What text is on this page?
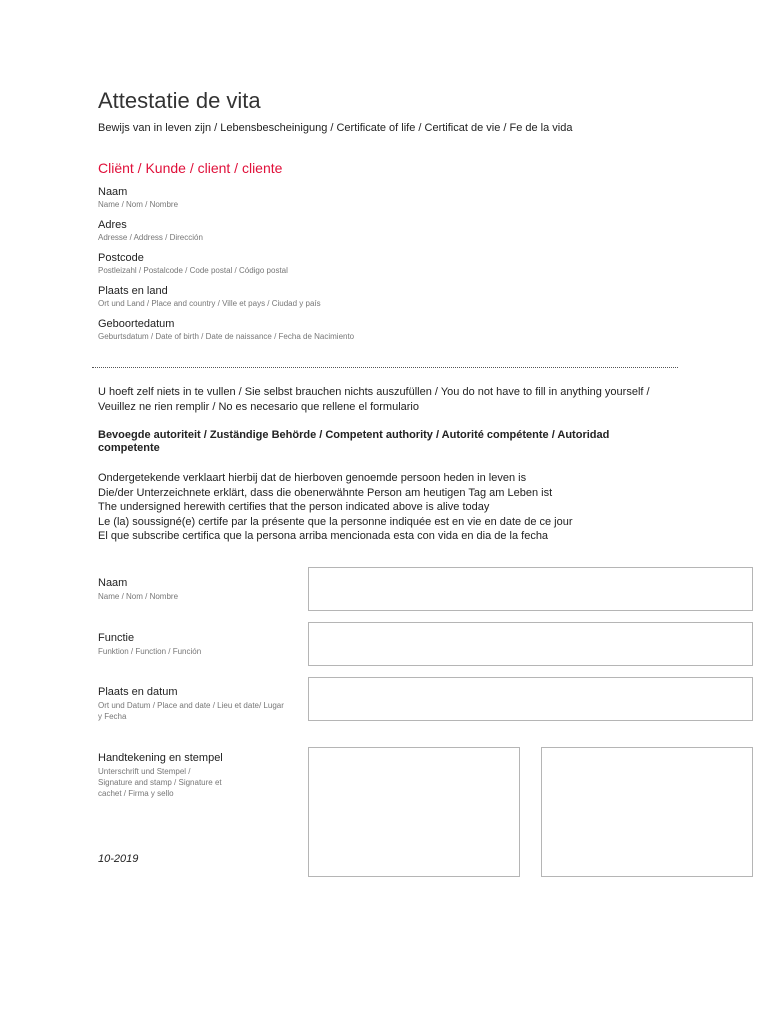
Attestatie de vita
Bewijs van in leven zijn / Lebensbescheinigung / Certificate of life / Certificat de vie / Fe de la vida
Cliënt / Kunde / client / cliente
Naam
Name / Nom / Nombre
Adres
Adresse / Address / Dirección
Postcode
Postleizahl / Postalcode / Code postal / Código postal
Plaats en land
Ort und Land / Place and country / Ville et pays / Ciudad y país
Geboortedatum
Geburtsdatum / Date of birth / Date de naissance / Fecha de Nacimiento
U hoeft zelf niets in te vullen / Sie selbst brauchen nichts auszufüllen / You do not have to fill in anything yourself / Veuillez ne rien remplir / No es necesario que rellene el formulario
Bevoegde autoriteit / Zuständige Behörde / Competent authority / Autorité compétente / Autoridad competente
Ondergetekende verklaart hierbij dat de hierboven genoemde persoon heden in leven is
Die/der Unterzeichnete erklärt, dass die obenerwähnte Person am heutigen Tag am Leben ist
The undersigned herewith certifies that the person indicated above is alive today
Le (la) soussigné(e) certife par la présente que la personne indiquée est en vie en date de ce jour
El que subscribe certifica que la persona arriba mencionada esta con vida en dia de la fecha
Naam
Name / Nom / Nombre
Functie
Funktion / Function / Función
Plaats en datum
Ort und Datum / Place and date / Lieu et date/ Lugar y Fecha
Handtekening en stempel
Unterschrift und Stempel / Signature and stamp / Signature et cachet / Firma y sello
10-2019
